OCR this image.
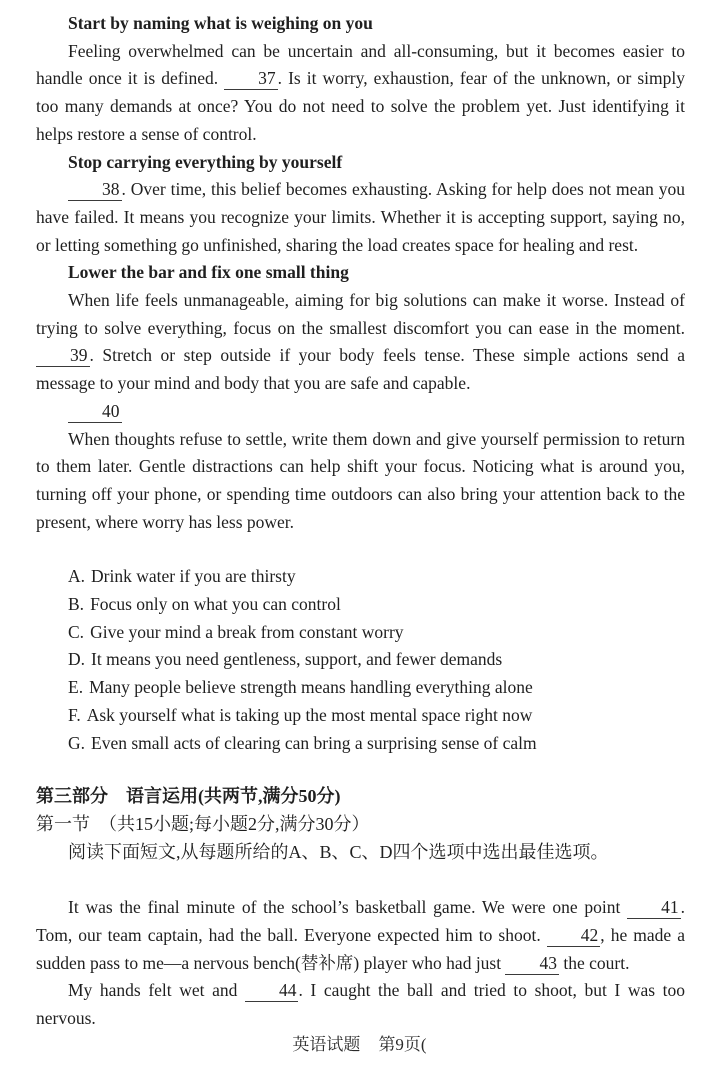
Start by naming what is weighing on you

Feeling overwhelmed can be uncertain and all-consuming, but it becomes easier to handle once it is defined. 37 . Is it worry, exhaustion, fear of the unknown, or simply too many demands at once? You do not need to solve the problem yet. Just identifying it helps restore a sense of control.

Stop carrying everything by yourself

38 . Over time, this belief becomes exhausting. Asking for help does not mean you have failed. It means you recognize your limits. Whether it is accepting support, saying no, or letting something go unfinished, sharing the load creates space for healing and rest.

Lower the bar and fix one small thing

When life feels unmanageable, aiming for big solutions can make it worse. Instead of trying to solve everything, focus on the smallest discomfort you can ease in the moment. 39 . Stretch or step outside if your body feels tense. These simple actions send a message to your mind and body that you are safe and capable.

40

When thoughts refuse to settle, write them down and give yourself permission to return to them later. Gentle distractions can help shift your focus. Noticing what is around you, turning off your phone, or spending time outdoors can also bring your attention back to the present, where worry has less power.

A. Drink water if you are thirsty

B. Focus only on what you can control

C. Give your mind a break from constant worry

D. It means you need gentleness, support, and fewer demands

E. Many people believe strength means handling everything alone

F. Ask yourself what is taking up the most mental space right now

G. Even small acts of clearing can bring a surprising sense of calm

第三部分　语言运用(共两节,满分50分)

第一节　（共15小题;每小题2分,满分30分）

阅读下面短文,从每题所给的A、B、C、D四个选项中选出最佳选项。

It was the final minute of the school’s basketball game. We were one point 41 . Tom, our team captain, had the ball. Everyone expected him to shoot. 42 , he made a sudden pass to me—a nervous bench(替补席) player who had just 43 the court.

My hands felt wet and 44 . I caught the ball and tried to shoot, but I was too nervous.

英语试题 第9页(
